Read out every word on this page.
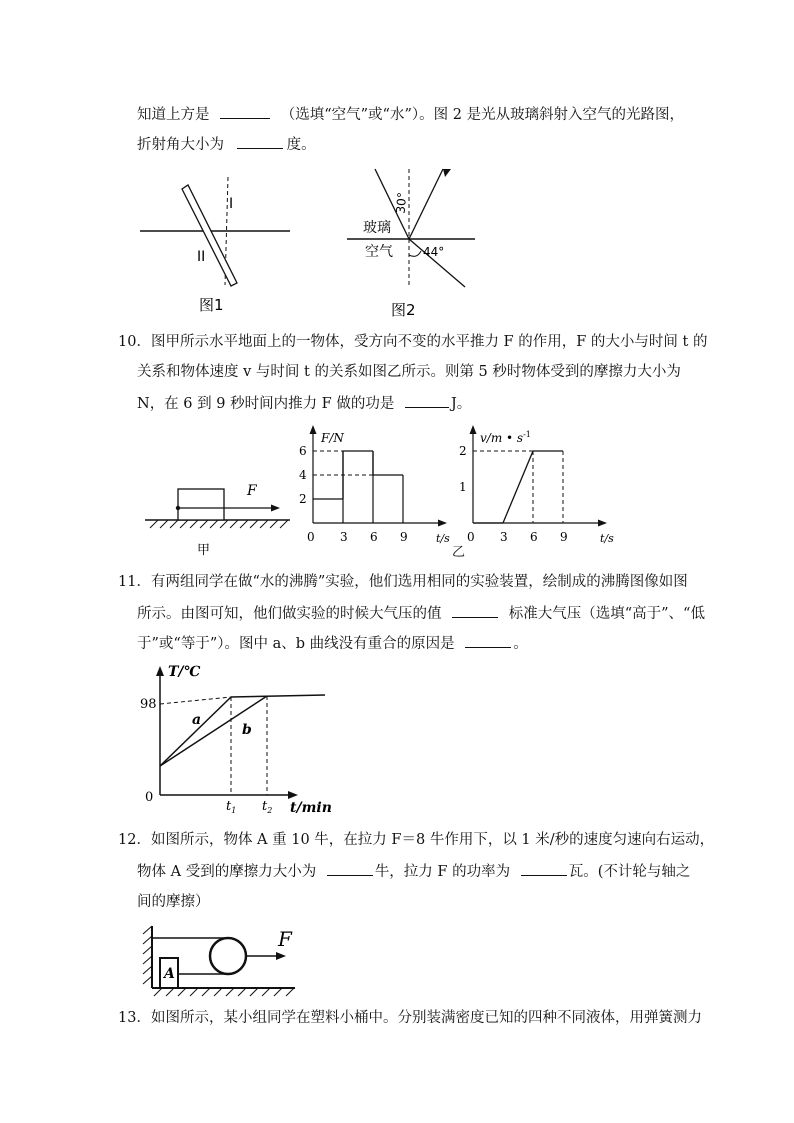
知道上方是	（选填“空气”或“水”）。图 2 是光从玻璃斜射入空气的光路图，
折射角大小为	度。
I
II
图1
30°
44°
玻璃
空气
图2
10．图甲所示水平地面上的一物体，受方向不变的水平推力 F 的作用，F 的大小与时间 t 的
关系和物体速度 v 与时间 t 的关系如图乙所示。则第 5 秒时物体受到的摩擦力大小为
N，在 6 到 9 秒时间内推力 F 做的功是	J。
F
甲
F/N
t/s
0 3 6 9
2
4
6
v/m • $s^{-1}$
t/s
0 3 6 9
1
2
乙
11．有两组同学在做“水的沸腾”实验，他们选用相同的实验装置，绘制成的沸腾图像如图
所示。由图可知，他们做实验的时候大气压的值	标准大气压（选填“高于”、“低
于”或“等于”）。图中 a、b 曲线没有重合的原因是	。
T/℃
t/min
0
98
a
b
$t_1$ $t_2$
12．如图所示，物体 A 重 10 牛，在拉力 F＝8 牛作用下，以 1 米/秒的速度匀速向右运动，
物体 A 受到的摩擦力大小为	牛，拉力 F 的功率为	瓦。(不计轮与轴之
间的摩擦）
A
F
13．如图所示，某小组同学在塑料小桶中。分别装满密度已知的四种不同液体，用弹簧测力
